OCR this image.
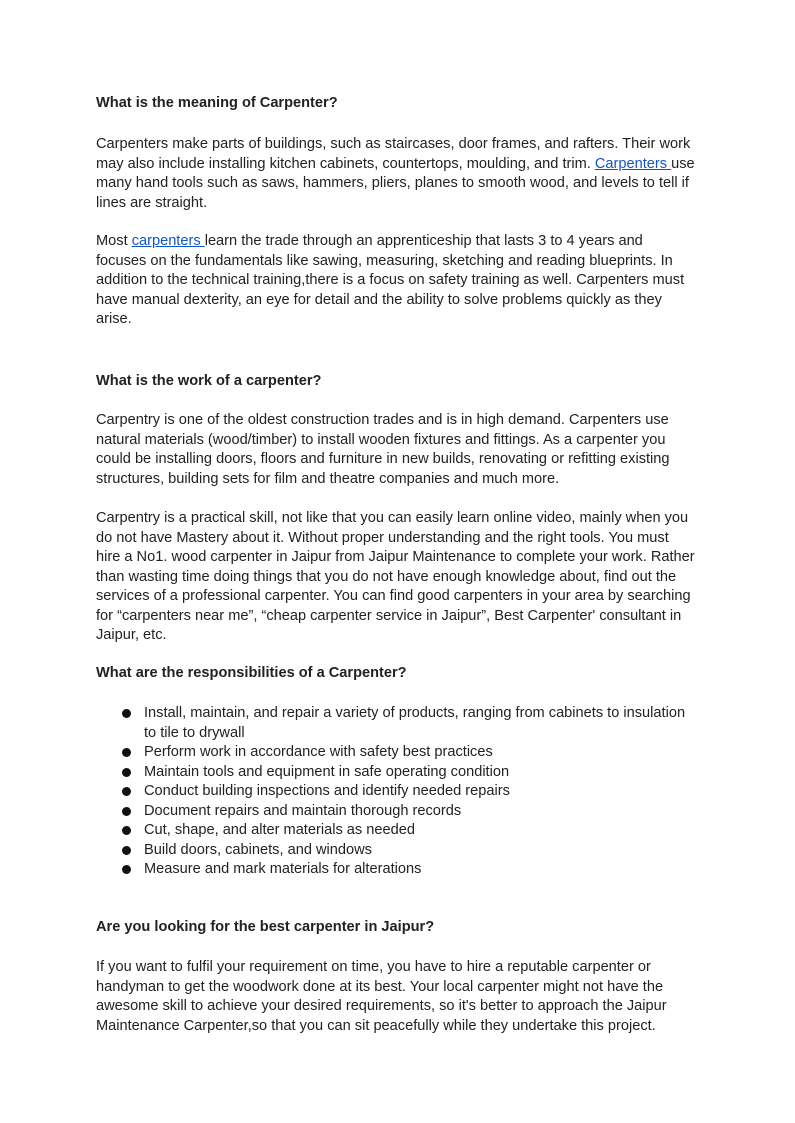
What is the meaning of Carpenter?
Carpenters make parts of buildings, such as staircases, door frames, and rafters. Their work
may also include installing kitchen cabinets, countertops, moulding, and trim. Carpenters use
many hand tools such as saws, hammers, pliers, planes to smooth wood, and levels to tell if
lines are straight.
Most carpenters learn the trade through an apprenticeship that lasts 3 to 4 years and
focuses on the fundamentals like sawing, measuring, sketching and reading blueprints. In
addition to the technical training,there is a focus on safety training as well. Carpenters must
have manual dexterity, an eye for detail and the ability to solve problems quickly as they
arise.
What is the work of a carpenter?
Carpentry is one of the oldest construction trades and is in high demand. Carpenters use
natural materials (wood/timber) to install wooden fixtures and fittings. As a carpenter you
could be installing doors, floors and furniture in new builds, renovating or refitting existing
structures, building sets for film and theatre companies and much more.
Carpentry is a practical skill, not like that you can easily learn online video, mainly when you
do not have Mastery about it. Without proper understanding and the right tools. You must
hire a No1. wood carpenter in Jaipur from Jaipur Maintenance to complete your work. Rather
than wasting time doing things that you do not have enough knowledge about, find out the
services of a professional carpenter. You can find good carpenters in your area by searching
for “carpenters near me”, “cheap carpenter service in Jaipur”, Best Carpenter' consultant in
Jaipur, etc.
What are the responsibilities of a Carpenter?
Install, maintain, and repair a variety of products, ranging from cabinets to insulation
to tile to drywall
Perform work in accordance with safety best practices
Maintain tools and equipment in safe operating condition
Conduct building inspections and identify needed repairs
Document repairs and maintain thorough records
Cut, shape, and alter materials as needed
Build doors, cabinets, and windows
Measure and mark materials for alterations
Are you looking for the best carpenter in Jaipur?
If you want to fulfil your requirement on time, you have to hire a reputable carpenter or
handyman to get the woodwork done at its best. Your local carpenter might not have the
awesome skill to achieve your desired requirements, so it's better to approach the Jaipur
Maintenance Carpenter,so that you can sit peacefully while they undertake this project.
